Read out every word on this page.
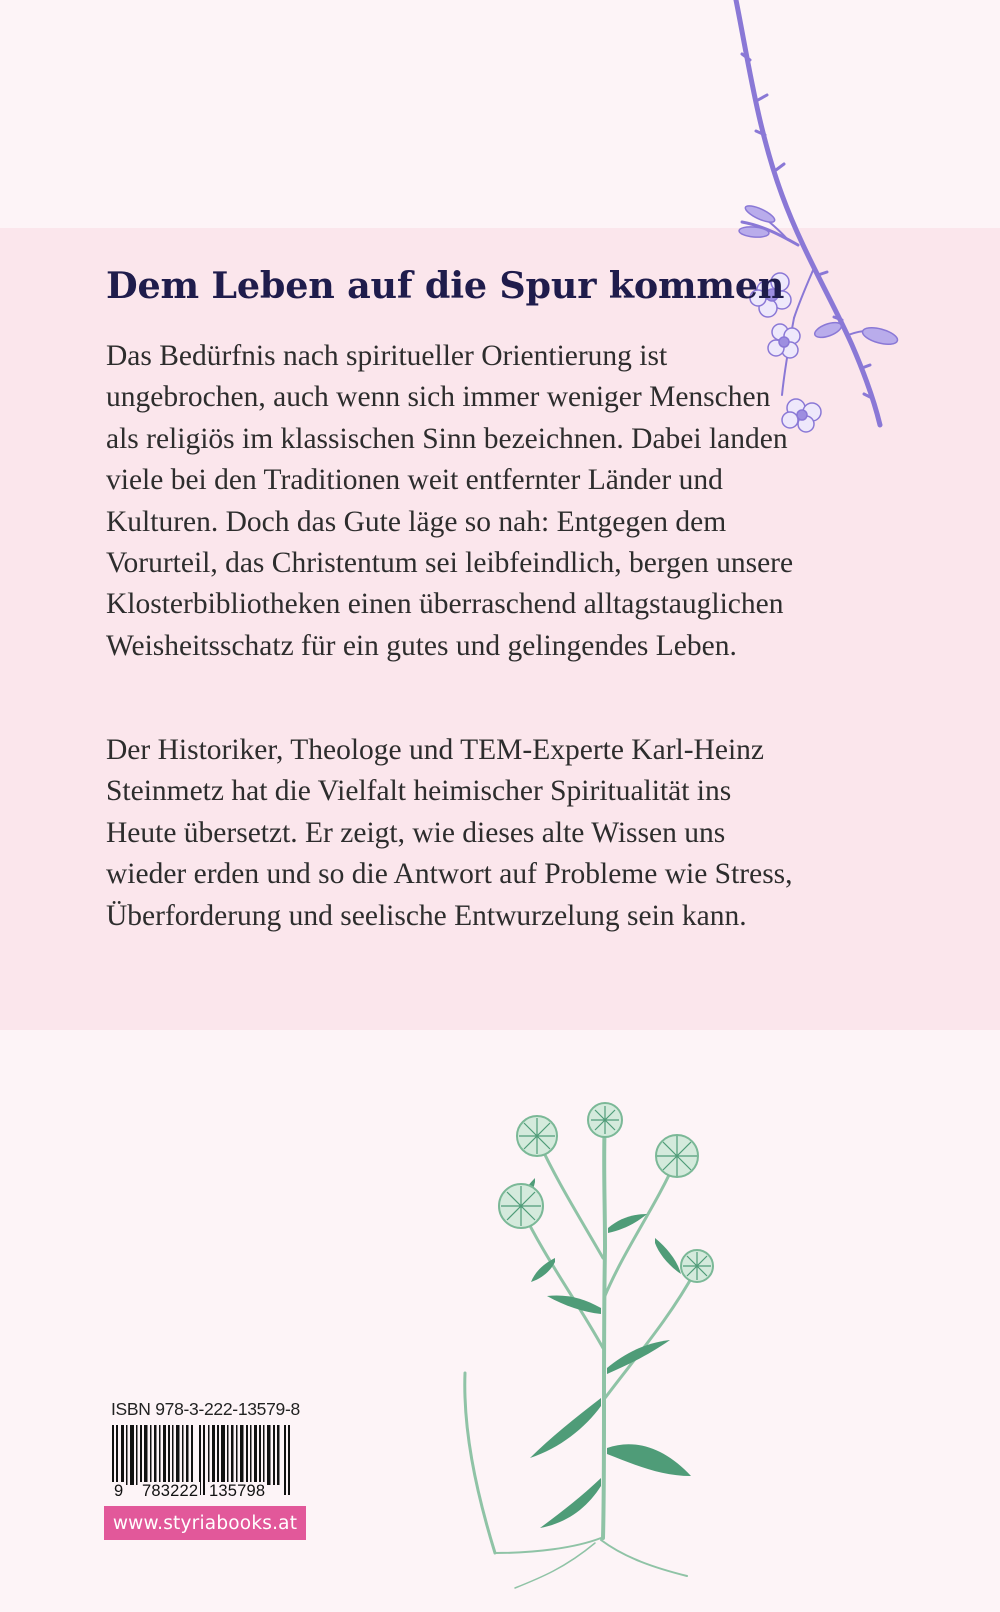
Dem Leben auf die Spur kommen

Das Bedürfnis nach spiritueller Orientierung ist ungebrochen, auch wenn sich immer weniger Menschen als religiös im klassischen Sinn bezeichnen. Dabei landen viele bei den Traditionen weit entfernter Länder und Kulturen. Doch das Gute läge so nah: Entgegen dem Vorurteil, das Christentum sei leibfeindlich, bergen unsere Klosterbibliotheken einen überraschend alltagstauglichen Weisheitsschatz für ein gutes und gelingendes Leben.

Der Historiker, Theologe und TEM-Experte Karl-Heinz Steinmetz hat die Vielfalt heimischer Spiritualität ins Heute übersetzt. Er zeigt, wie dieses alte Wissen uns wieder erden und so die Antwort auf Probleme wie Stress, Überforderung und seelische Entwurzelung sein kann.

ISBN 978-3-222-13579-8
9 783222 135798
www.styriabooks.at
